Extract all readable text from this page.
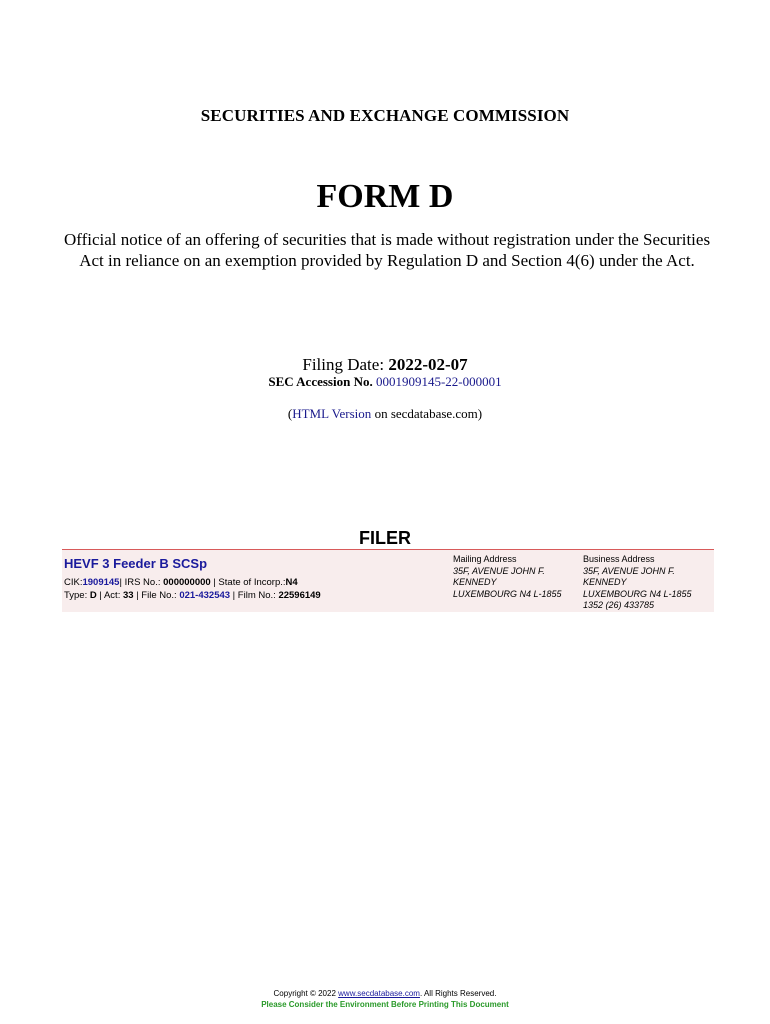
SECURITIES AND EXCHANGE COMMISSION
FORM D
Official notice of an offering of securities that is made without registration under the Securities Act in reliance on an exemption provided by Regulation D and Section 4(6) under the Act.
Filing Date: 2022-02-07
SEC Accession No. 0001909145-22-000001
(HTML Version on secdatabase.com)
FILER
HEVF 3 Feeder B SCSp
CIK:1909145| IRS No.: 000000000 | State of Incorp.:N4
Type: D | Act: 33 | File No.: 021-432543 | Film No.: 22596149
Mailing Address
35F, AVENUE JOHN F.
KENNEDY
LUXEMBOURG N4 L-1855
Business Address
35F, AVENUE JOHN F.
KENNEDY
LUXEMBOURG N4 L-1855
1352 (26) 433785
Copyright © 2022 www.secdatabase.com. All Rights Reserved.
Please Consider the Environment Before Printing This Document
